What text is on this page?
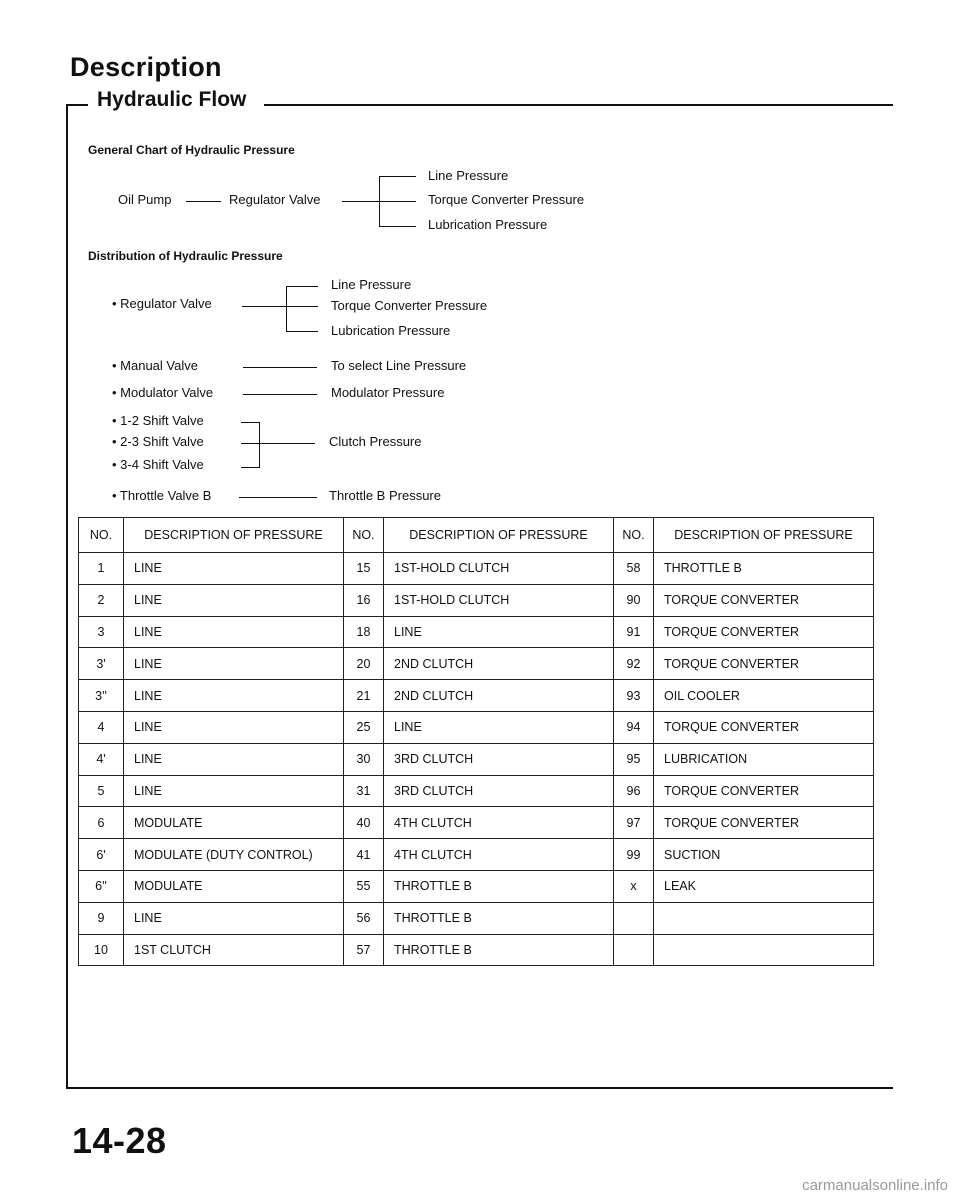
Description
Hydraulic Flow
General Chart of Hydraulic Pressure
Oil Pump	Regulator Valve
Line Pressure
Torque Converter Pressure
Lubrication Pressure
Distribution of Hydraulic Pressure
• Regulator Valve
Line Pressure
Torque Converter Pressure
Lubrication Pressure
• Manual Valve	To select Line Pressure
• Modulator Valve	Modulator Pressure
• 1-2 Shift Valve
• 2-3 Shift Valve
• 3-4 Shift Valve
Clutch Pressure
• Throttle Valve B	Throttle B Pressure
NO.	DESCRIPTION OF PRESSURE	NO.	DESCRIPTION OF PRESSURE	NO.	DESCRIPTION OF PRESSURE
1	LINE	15	1ST-HOLD CLUTCH	58	THROTTLE B
2	LINE	16	1ST-HOLD CLUTCH	90	TORQUE CONVERTER
3	LINE	18	LINE	91	TORQUE CONVERTER
3'	LINE	20	2ND CLUTCH	92	TORQUE CONVERTER
3''	LINE	21	2ND CLUTCH	93	OIL COOLER
4	LINE	25	LINE	94	TORQUE CONVERTER
4'	LINE	30	3RD CLUTCH	95	LUBRICATION
5	LINE	31	3RD CLUTCH	96	TORQUE CONVERTER
6	MODULATE	40	4TH CLUTCH	97	TORQUE CONVERTER
6'	MODULATE (DUTY CONTROL)	41	4TH CLUTCH	99	SUCTION
6''	MODULATE	55	THROTTLE B	x	LEAK
9	LINE	56	THROTTLE B		
10	1ST CLUTCH	57	THROTTLE B		
14-28
carmanualsonline.info
